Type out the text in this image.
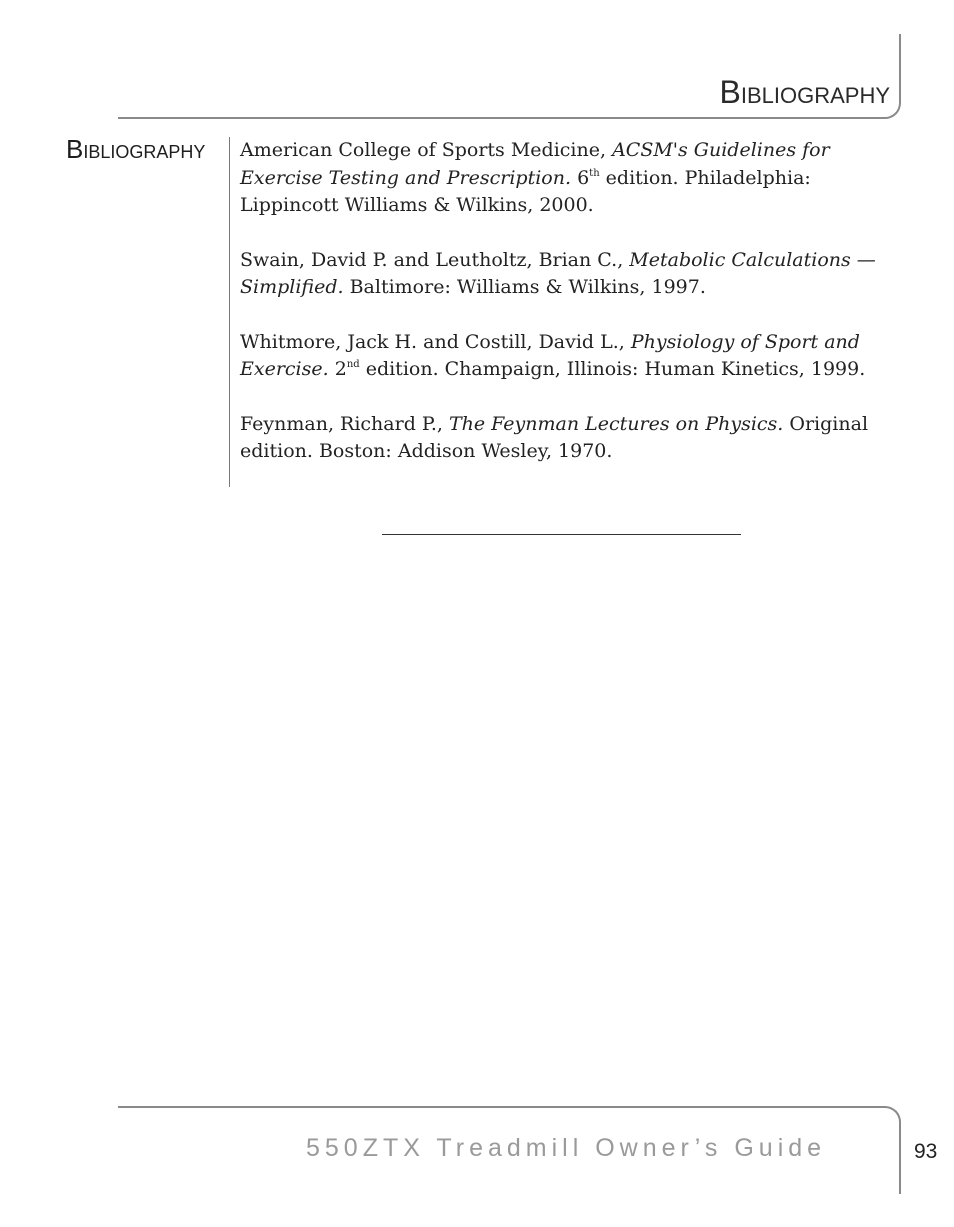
Bibliography
Bibliography American College of Sports Medicine, ACSM's Guidelines for Exercise Testing and Prescription. 6th edition. Philadelphia: Lippincott Williams & Wilkins, 2000.

Swain, David P. and Leutholtz, Brian C., Metabolic Calculations —Simplified. Baltimore: Williams & Wilkins, 1997.

Whitmore, Jack H. and Costill, David L., Physiology of Sport and Exercise. 2nd edition. Champaign, Illinois: Human Kinetics, 1999.

Feynman, Richard P., The Feynman Lectures on Physics. Original edition. Boston: Addison Wesley, 1970.

550ZTX Treadmill Owner’s Guide	93
